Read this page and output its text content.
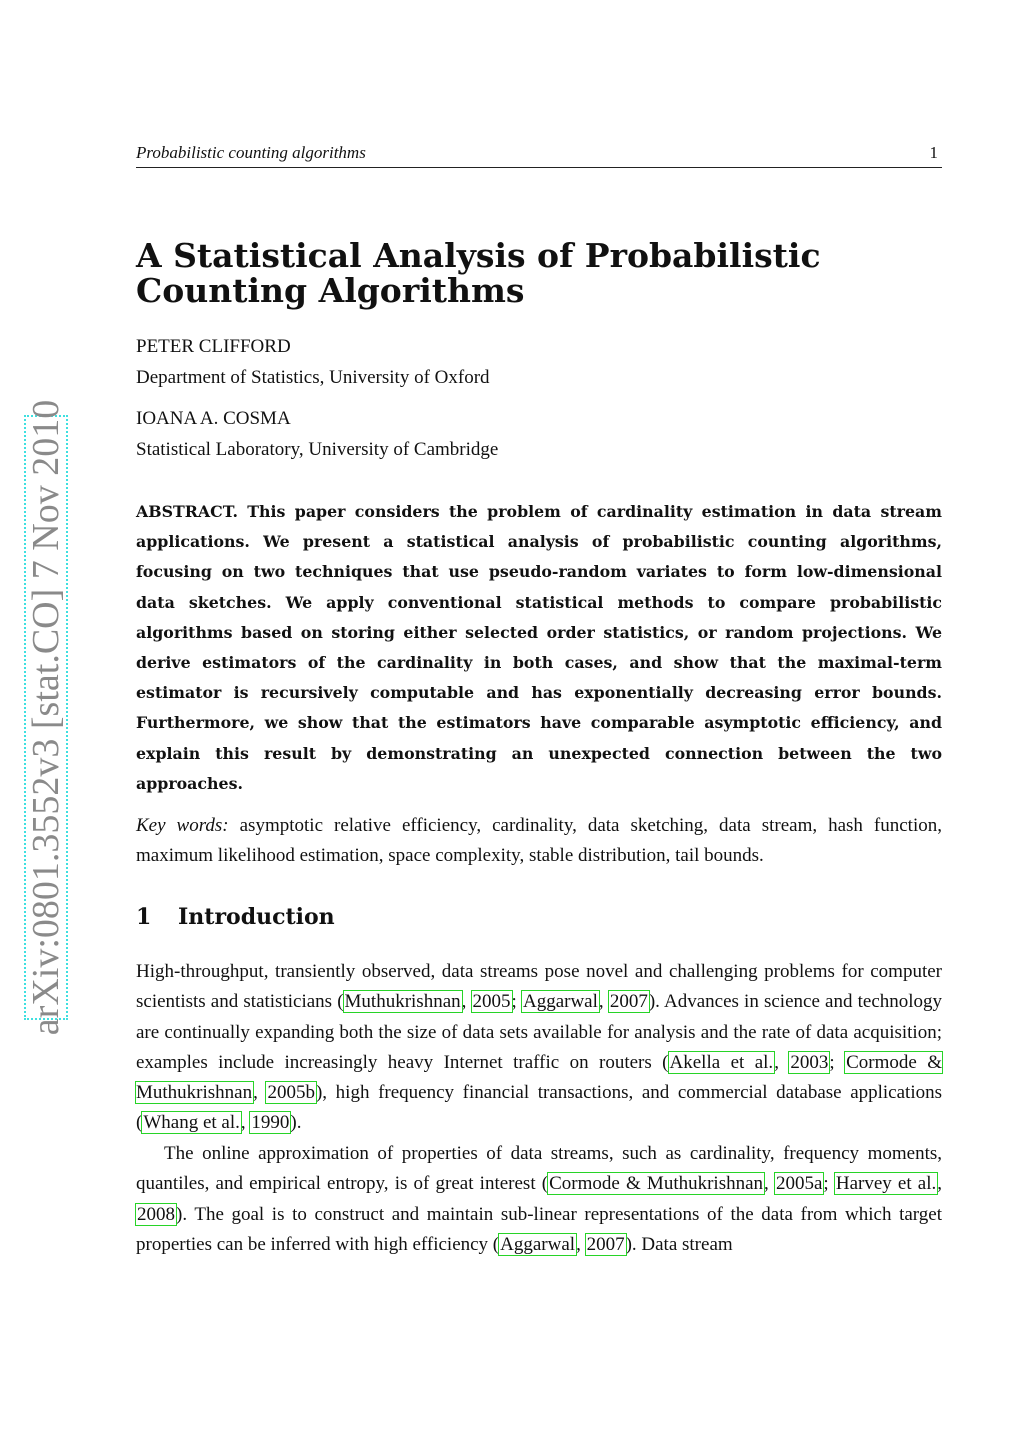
Probabilistic counting algorithms	1
arXiv:0801.3552v3 [stat.CO] 7 Nov 2010
A Statistical Analysis of Probabilistic
Counting Algorithms
PETER CLIFFORD
Department of Statistics, University of Oxford
IOANA A. COSMA
Statistical Laboratory, University of Cambridge

ABSTRACT. This paper considers the problem of cardinality estimation in data stream applications. We present a statistical analysis of probabilistic counting algorithms, focusing on two techniques that use pseudo-random variates to form low-dimensional data sketches. We apply conventional statistical methods to compare probabilistic algorithms based on storing either selected order statistics, or random projections. We derive estimators of the cardinality in both cases, and show that the maximal-term estimator is recursively computable and has exponentially decreasing error bounds. Furthermore, we show that the estimators have comparable asymptotic efficiency, and explain this result by demonstrating an unexpected connection between the two approaches.

Key words: asymptotic relative efficiency, cardinality, data sketching, data stream, hash function, maximum likelihood estimation, space complexity, stable distribution, tail bounds.

1 Introduction

High-throughput, transiently observed, data streams pose novel and challenging problems for computer scientists and statisticians (Muthukrishnan, 2005; Aggarwal, 2007). Advances in science and technology are continually expanding both the size of data sets available for analysis and the rate of data acquisition; examples include increasingly heavy Internet traffic on routers (Akella et al., 2003; Cormode & Muthukrishnan, 2005b), high frequency financial transactions, and commercial database applications (Whang et al., 1990).

The online approximation of properties of data streams, such as cardinality, frequency moments, quantiles, and empirical entropy, is of great interest (Cormode & Muthukrishnan, 2005a; Harvey et al., 2008). The goal is to construct and maintain sub-linear representations of the data from which target properties can be inferred with high efficiency (Aggarwal, 2007). Data stream
